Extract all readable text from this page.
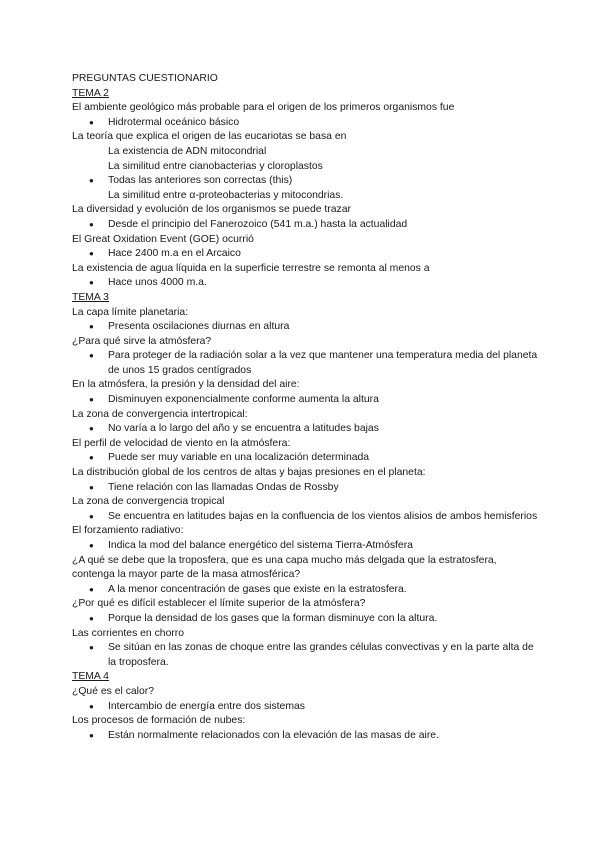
PREGUNTAS CUESTIONARIO
TEMA 2
El ambiente geológico más probable para el origen de los primeros organismos fue
● Hidrotermal oceánico básico
La teoría que explica el origen de las eucariotas se basa en
La existencia de ADN mitocondrial
La similitud entre cianobacterias y cloroplastos
● Todas las anteriores son correctas (this)
La similitud entre α-proteobacterias y mitocondrias.
La diversidad y evolución de los organismos se puede trazar
● Desde el principio del Fanerozoico (541 m.a.) hasta la actualidad
El Great Oxidation Event (GOE) ocurrió
● Hace 2400 m.a en el Arcaico
La existencia de agua líquida en la superficie terrestre se remonta al menos a
● Hace unos 4000 m.a.
TEMA 3
La capa límite planetaria:
● Presenta oscilaciones diurnas en altura
¿Para qué sirve la atmósfera?
● Para proteger de la radiación solar a la vez que mantener una temperatura media del planeta de unos 15 grados centígrados
En la atmósfera, la presión y la densidad del aire:
● Disminuyen exponencialmente conforme aumenta la altura
La zona de convergencia intertropical:
● No varía a lo largo del año y se encuentra a latitudes bajas
El perfil de velocidad de viento en la atmósfera:
● Puede ser muy variable en una localización determinada
La distribución global de los centros de altas y bajas presiones en el planeta:
● Tiene relación con las llamadas Ondas de Rossby
La zona de convergencia tropical
● Se encuentra en latitudes bajas en la confluencia de los vientos alisios de ambos hemisferios
El forzamiento radiativo:
● Indica la mod del balance energético del sistema Tierra-Atmósfera
¿A qué se debe que la troposfera, que es una capa mucho más delgada que la estratosfera,
contenga la mayor parte de la masa atmosférica?
● A la menor concentración de gases que existe en la estratosfera.
¿Por qué es difícil establecer el límite superior de la atmósfera?
● Porque la densidad de los gases que la forman disminuye con la altura.
Las corrientes en chorro
● Se sitúan en las zonas de choque entre las grandes células convectivas y en la parte alta de la troposfera.
TEMA 4
¿Qué es el calor?
● Intercambio de energía entre dos sistemas
Los procesos de formación de nubes:
● Están normalmente relacionados con la elevación de las masas de aire.
